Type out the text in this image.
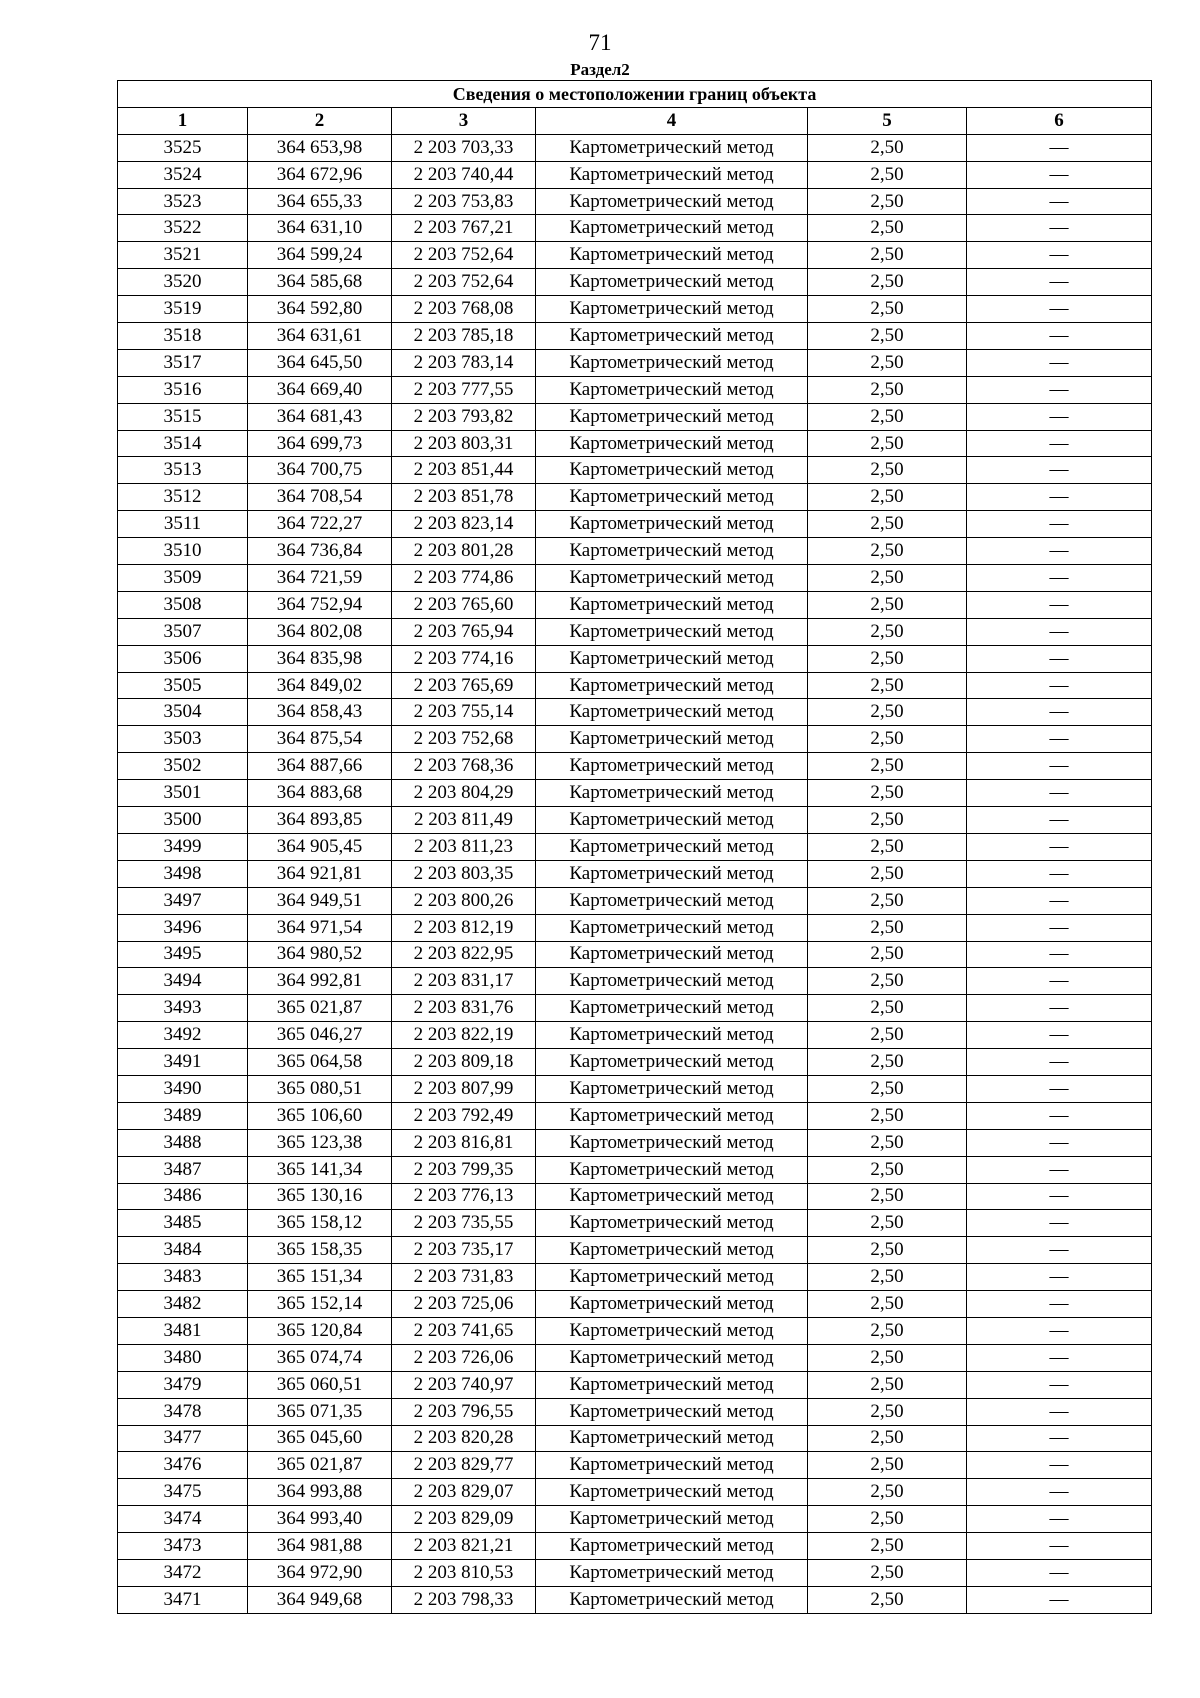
71
Раздел2
Сведения о местоположении границ объекта					
1	2	3	4	5	6
3525	364 653,98	2 203 703,33	Картометрический метод	2,50	—
3524	364 672,96	2 203 740,44	Картометрический метод	2,50	—
3523	364 655,33	2 203 753,83	Картометрический метод	2,50	—
3522	364 631,10	2 203 767,21	Картометрический метод	2,50	—
3521	364 599,24	2 203 752,64	Картометрический метод	2,50	—
3520	364 585,68	2 203 752,64	Картометрический метод	2,50	—
3519	364 592,80	2 203 768,08	Картометрический метод	2,50	—
3518	364 631,61	2 203 785,18	Картометрический метод	2,50	—
3517	364 645,50	2 203 783,14	Картометрический метод	2,50	—
3516	364 669,40	2 203 777,55	Картометрический метод	2,50	—
3515	364 681,43	2 203 793,82	Картометрический метод	2,50	—
3514	364 699,73	2 203 803,31	Картометрический метод	2,50	—
3513	364 700,75	2 203 851,44	Картометрический метод	2,50	—
3512	364 708,54	2 203 851,78	Картометрический метод	2,50	—
3511	364 722,27	2 203 823,14	Картометрический метод	2,50	—
3510	364 736,84	2 203 801,28	Картометрический метод	2,50	—
3509	364 721,59	2 203 774,86	Картометрический метод	2,50	—
3508	364 752,94	2 203 765,60	Картометрический метод	2,50	—
3507	364 802,08	2 203 765,94	Картометрический метод	2,50	—
3506	364 835,98	2 203 774,16	Картометрический метод	2,50	—
3505	364 849,02	2 203 765,69	Картометрический метод	2,50	—
3504	364 858,43	2 203 755,14	Картометрический метод	2,50	—
3503	364 875,54	2 203 752,68	Картометрический метод	2,50	—
3502	364 887,66	2 203 768,36	Картометрический метод	2,50	—
3501	364 883,68	2 203 804,29	Картометрический метод	2,50	—
3500	364 893,85	2 203 811,49	Картометрический метод	2,50	—
3499	364 905,45	2 203 811,23	Картометрический метод	2,50	—
3498	364 921,81	2 203 803,35	Картометрический метод	2,50	—
3497	364 949,51	2 203 800,26	Картометрический метод	2,50	—
3496	364 971,54	2 203 812,19	Картометрический метод	2,50	—
3495	364 980,52	2 203 822,95	Картометрический метод	2,50	—
3494	364 992,81	2 203 831,17	Картометрический метод	2,50	—
3493	365 021,87	2 203 831,76	Картометрический метод	2,50	—
3492	365 046,27	2 203 822,19	Картометрический метод	2,50	—
3491	365 064,58	2 203 809,18	Картометрический метод	2,50	—
3490	365 080,51	2 203 807,99	Картометрический метод	2,50	—
3489	365 106,60	2 203 792,49	Картометрический метод	2,50	—
3488	365 123,38	2 203 816,81	Картометрический метод	2,50	—
3487	365 141,34	2 203 799,35	Картометрический метод	2,50	—
3486	365 130,16	2 203 776,13	Картометрический метод	2,50	—
3485	365 158,12	2 203 735,55	Картометрический метод	2,50	—
3484	365 158,35	2 203 735,17	Картометрический метод	2,50	—
3483	365 151,34	2 203 731,83	Картометрический метод	2,50	—
3482	365 152,14	2 203 725,06	Картометрический метод	2,50	—
3481	365 120,84	2 203 741,65	Картометрический метод	2,50	—
3480	365 074,74	2 203 726,06	Картометрический метод	2,50	—
3479	365 060,51	2 203 740,97	Картометрический метод	2,50	—
3478	365 071,35	2 203 796,55	Картометрический метод	2,50	—
3477	365 045,60	2 203 820,28	Картометрический метод	2,50	—
3476	365 021,87	2 203 829,77	Картометрический метод	2,50	—
3475	364 993,88	2 203 829,07	Картометрический метод	2,50	—
3474	364 993,40	2 203 829,09	Картометрический метод	2,50	—
3473	364 981,88	2 203 821,21	Картометрический метод	2,50	—
3472	364 972,90	2 203 810,53	Картометрический метод	2,50	—
3471	364 949,68	2 203 798,33	Картометрический метод	2,50	—
